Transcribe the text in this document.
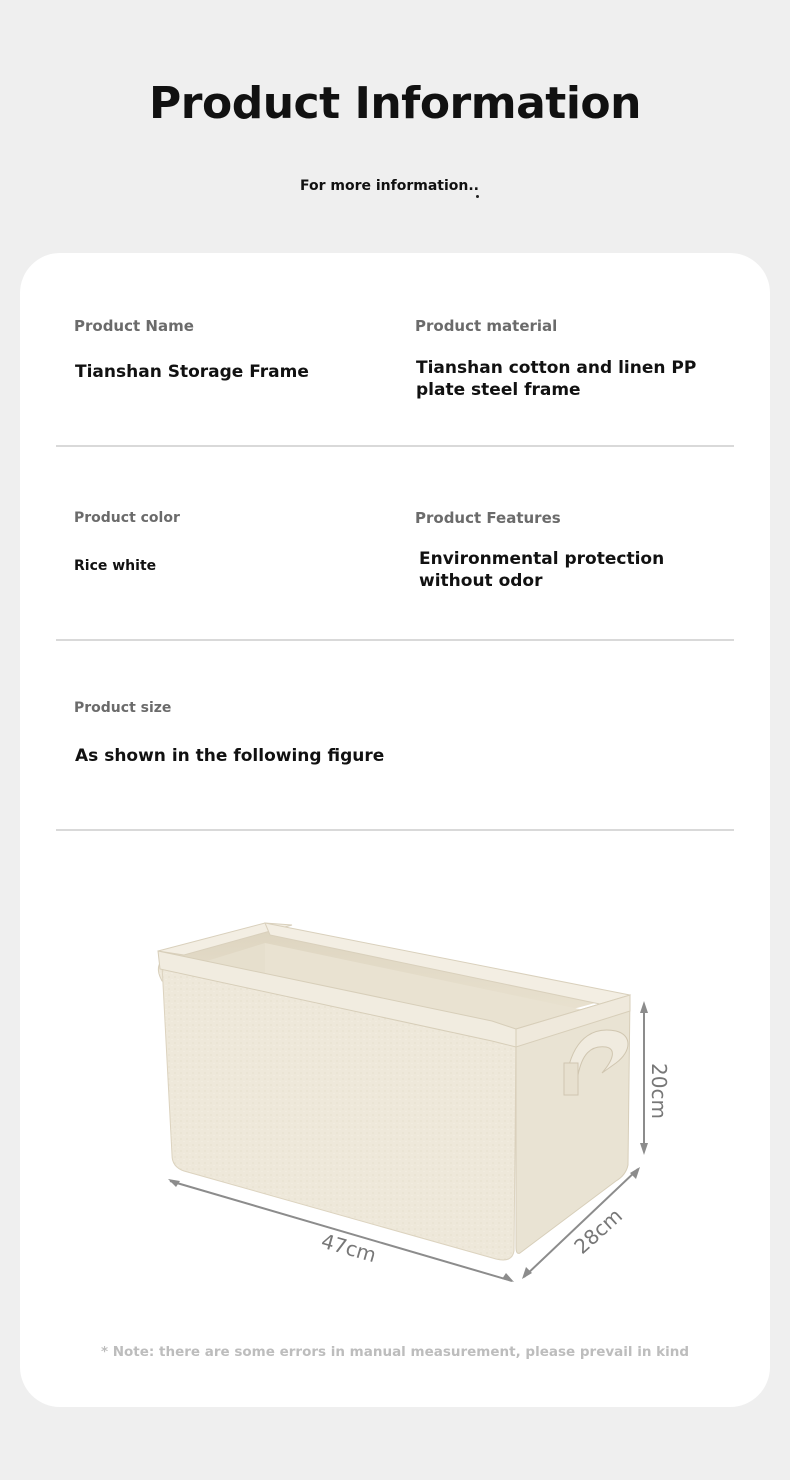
Product Information
For more information..
Product Name
Tianshan Storage Frame
Product material
Tianshan cotton and linen PP plate steel frame
Product color
Rice white
Product Features
Environmental protection without odor
Product size
As shown in the following figure
47cm	28cm
20cm
* Note: there are some errors in manual measurement, please prevail in kind
